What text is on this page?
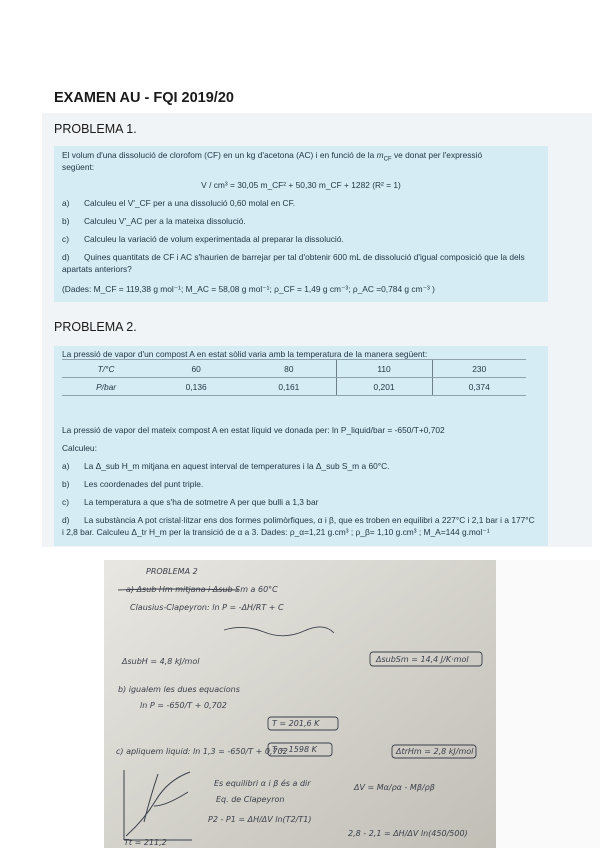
EXAMEN AU - FQI 2019/20
PROBLEMA 1.

El volum d'una dissolució de clorofom (CF) en un kg d'acetona (AC) i en funció de la $m_{CF}$ ve donat per l'expressió

següent:

V / cm³ = 30,05 m_CF² + 50,30 m_CF + 1282 (R² = 1)

a) Calculeu el V'_CF per a una dissolució 0,60 molal en CF.
b) Calculeu V'_AC per a la mateixa dissolució.
c) Calculeu la variació de volum experimentada al preparar la dissolució.
d) Quines quantitats de CF i AC s'haurien de barrejar per tal d'obtenir 600 mL de dissolució d'igual composició que la dels apartats anteriors?

(Dades: M_CF = 119,38 g mol⁻¹; M_AC = 58,08 g mol⁻¹; ρ_CF = 1,49 g cm⁻³; ρ_AC =0,784 g cm⁻³ )

PROBLEMA 2.

La pressió de vapor d'un compost A en estat sòlid varia amb la temperatura de la manera següent:

T/°C	60	80	110	230
P/bar	0,136	0,161	0,201	0,374

La pressió de vapor del mateix compost A en estat líquid ve donada per: ln P_liquid/bar = -650/T+0,702

Calculeu:

a) La Δ_sub H_m mitjana en aquest interval de temperatures i la Δ_sub S_m a 60°C.
b) Les coordenades del punt triple.
c) La temperatura a que s'ha de sotmetre A per que bulli a 1,3 bar
d) La substància A pot cristal·litzar ens dos formes polimòrfiques, α i β, que es troben en equilibri a 227°C i 2,1 bar i a 177°C i 2,8 bar. Calculeu Δ_tr H_m per la transició de α a 3. Dades: ρ_α=1,21 g.cm³ ; ρ_β= 1,10 g.cm³ ; M_A=144 g.mol⁻¹
PROBLEMA 2
a) Δsub Hm mitjana i Δsub Sm a 60°C
Clausius-Clapeyron: ln P = -ΔH/RT + C
ΔsubH = 4,8 kJ/mol	ΔsubSm = 14,4 J/K·mol
b) igualem les dues equacions
ln P = -650/T + 0,702
T = 201,6 K
c) apliquem liquid: ln 1,3 = -650/T + 0,702
T = 1598 K	ΔtrHm = 2,8 kJ/mol
Es equilibri α i β és a dir
Eq. de Clapeyron
P2 - P1 = ΔH/ΔV ln(T2/T1)
ΔV = Mα/ρα - Mβ/ρβ
2,8 - 2,1 = ΔH/ΔV ln(450/500)
Tt = 211,2
